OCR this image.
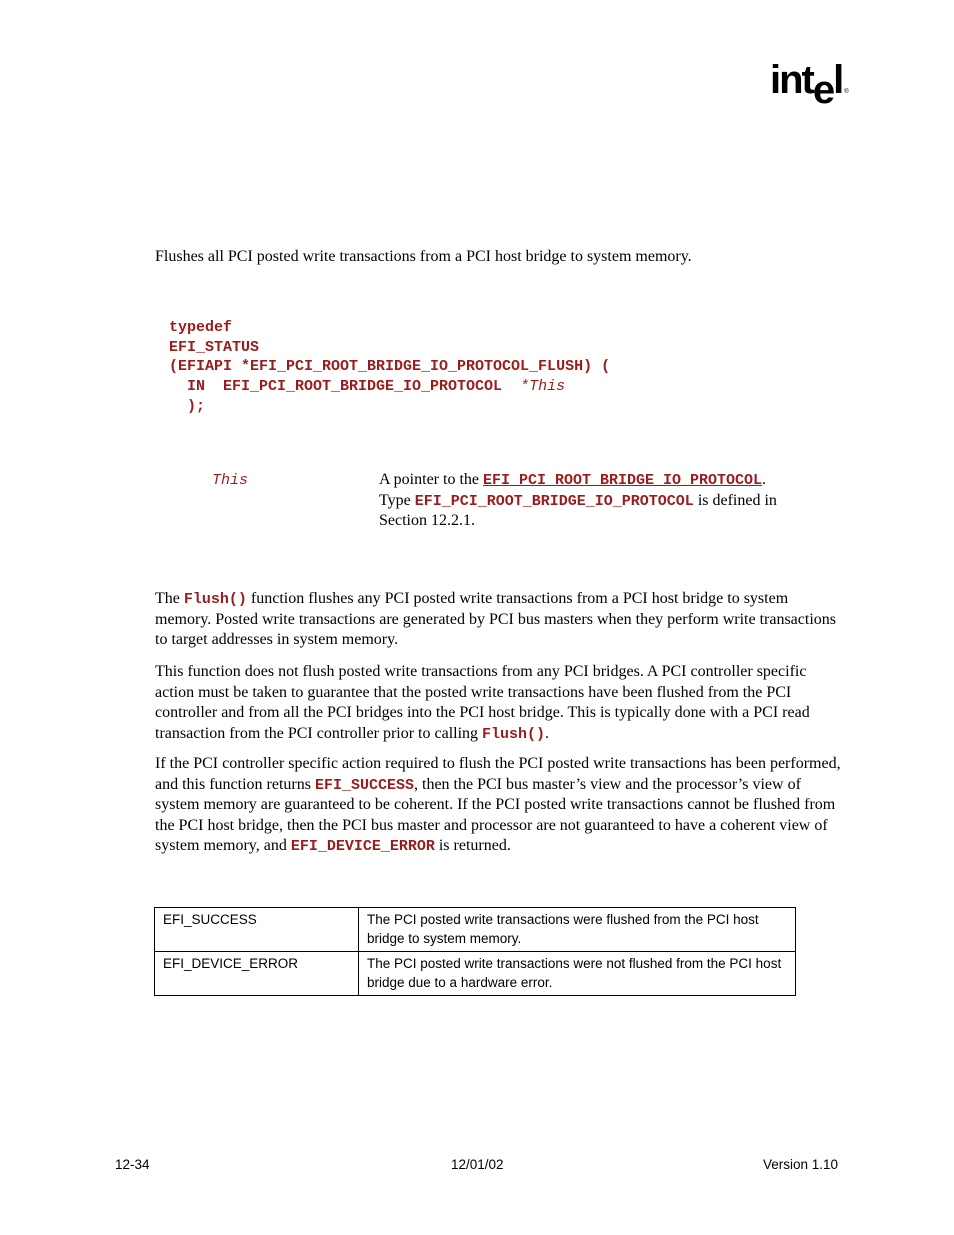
intel ®
Flushes all PCI posted write transactions from a PCI host bridge to system memory.
typedef
EFI_STATUS
(EFIAPI *EFI_PCI_ROOT_BRIDGE_IO_PROTOCOL_FLUSH) (
IN  EFI_PCI_ROOT_BRIDGE_IO_PROTOCOL  *This
);
This	A pointer to the EFI_PCI_ROOT_BRIDGE_IO_PROTOCOL.
Type EFI_PCI_ROOT_BRIDGE_IO_PROTOCOL is defined in
Section 12.2.1.
The Flush() function flushes any PCI posted write transactions from a PCI host bridge to system memory. Posted write transactions are generated by PCI bus masters when they perform write transactions to target addresses in system memory.
This function does not flush posted write transactions from any PCI bridges. A PCI controller specific action must be taken to guarantee that the posted write transactions have been flushed from the PCI controller and from all the PCI bridges into the PCI host bridge. This is typically done with a PCI read transaction from the PCI controller prior to calling Flush().
If the PCI controller specific action required to flush the PCI posted write transactions has been performed, and this function returns EFI_SUCCESS, then the PCI bus master’s view and the processor’s view of system memory are guaranteed to be coherent. If the PCI posted write transactions cannot be flushed from the PCI host bridge, then the PCI bus master and processor are not guaranteed to have a coherent view of system memory, and EFI_DEVICE_ERROR is returned.
EFI_SUCCESS	The PCI posted write transactions were flushed from the PCI host bridge to system memory.
EFI_DEVICE_ERROR	The PCI posted write transactions were not flushed from the PCI host bridge due to a hardware error.
12-34	12/01/02	Version 1.10
